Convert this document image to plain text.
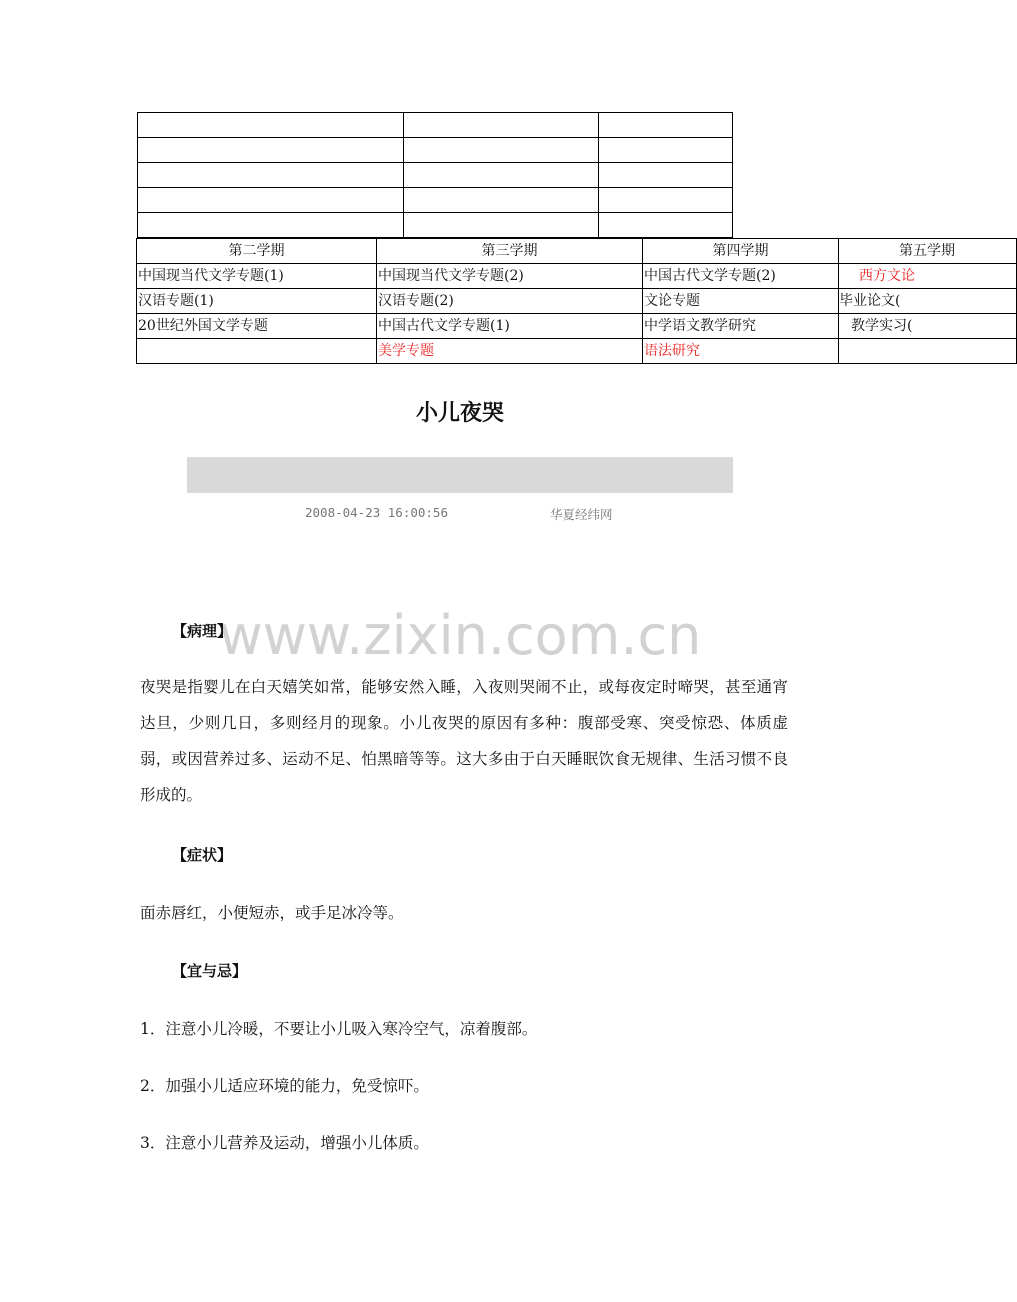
第二学期	第三学期	第四学期	第五学期
中国现当代文学专题(1)	中国现当代文学专题(2)	中国古代文学专题(2)	西方文论
汉语专题(1)	汉语专题(2)	文论专题	毕业论文(
20世纪外国文学专题	中国古代文学专题(1)	中学语文教学研究	教学实习(
	美学专题	语法研究	
小儿夜哭
2008-04-23 16:00:56	华夏经纬网
www.zixin.com.cn
【病理】
夜哭是指婴儿在白天嬉笑如常，能够安然入睡，入夜则哭闹不止，或每夜定时啼哭，甚至通宵达旦，少则几日，多则经月的现象。小儿夜哭的原因有多种：腹部受寒、突受惊恐、体质虚弱，或因营养过多、运动不足、怕黑暗等等。这大多由于白天睡眠饮食无规律、生活习惯不良形成的。
【症状】
面赤唇红，小便短赤，或手足冰冷等。
【宜与忌】
1．注意小儿冷暖，不要让小儿吸入寒冷空气，凉着腹部。
2．加强小儿适应环境的能力，免受惊吓。
3．注意小儿营养及运动，增强小儿体质。
